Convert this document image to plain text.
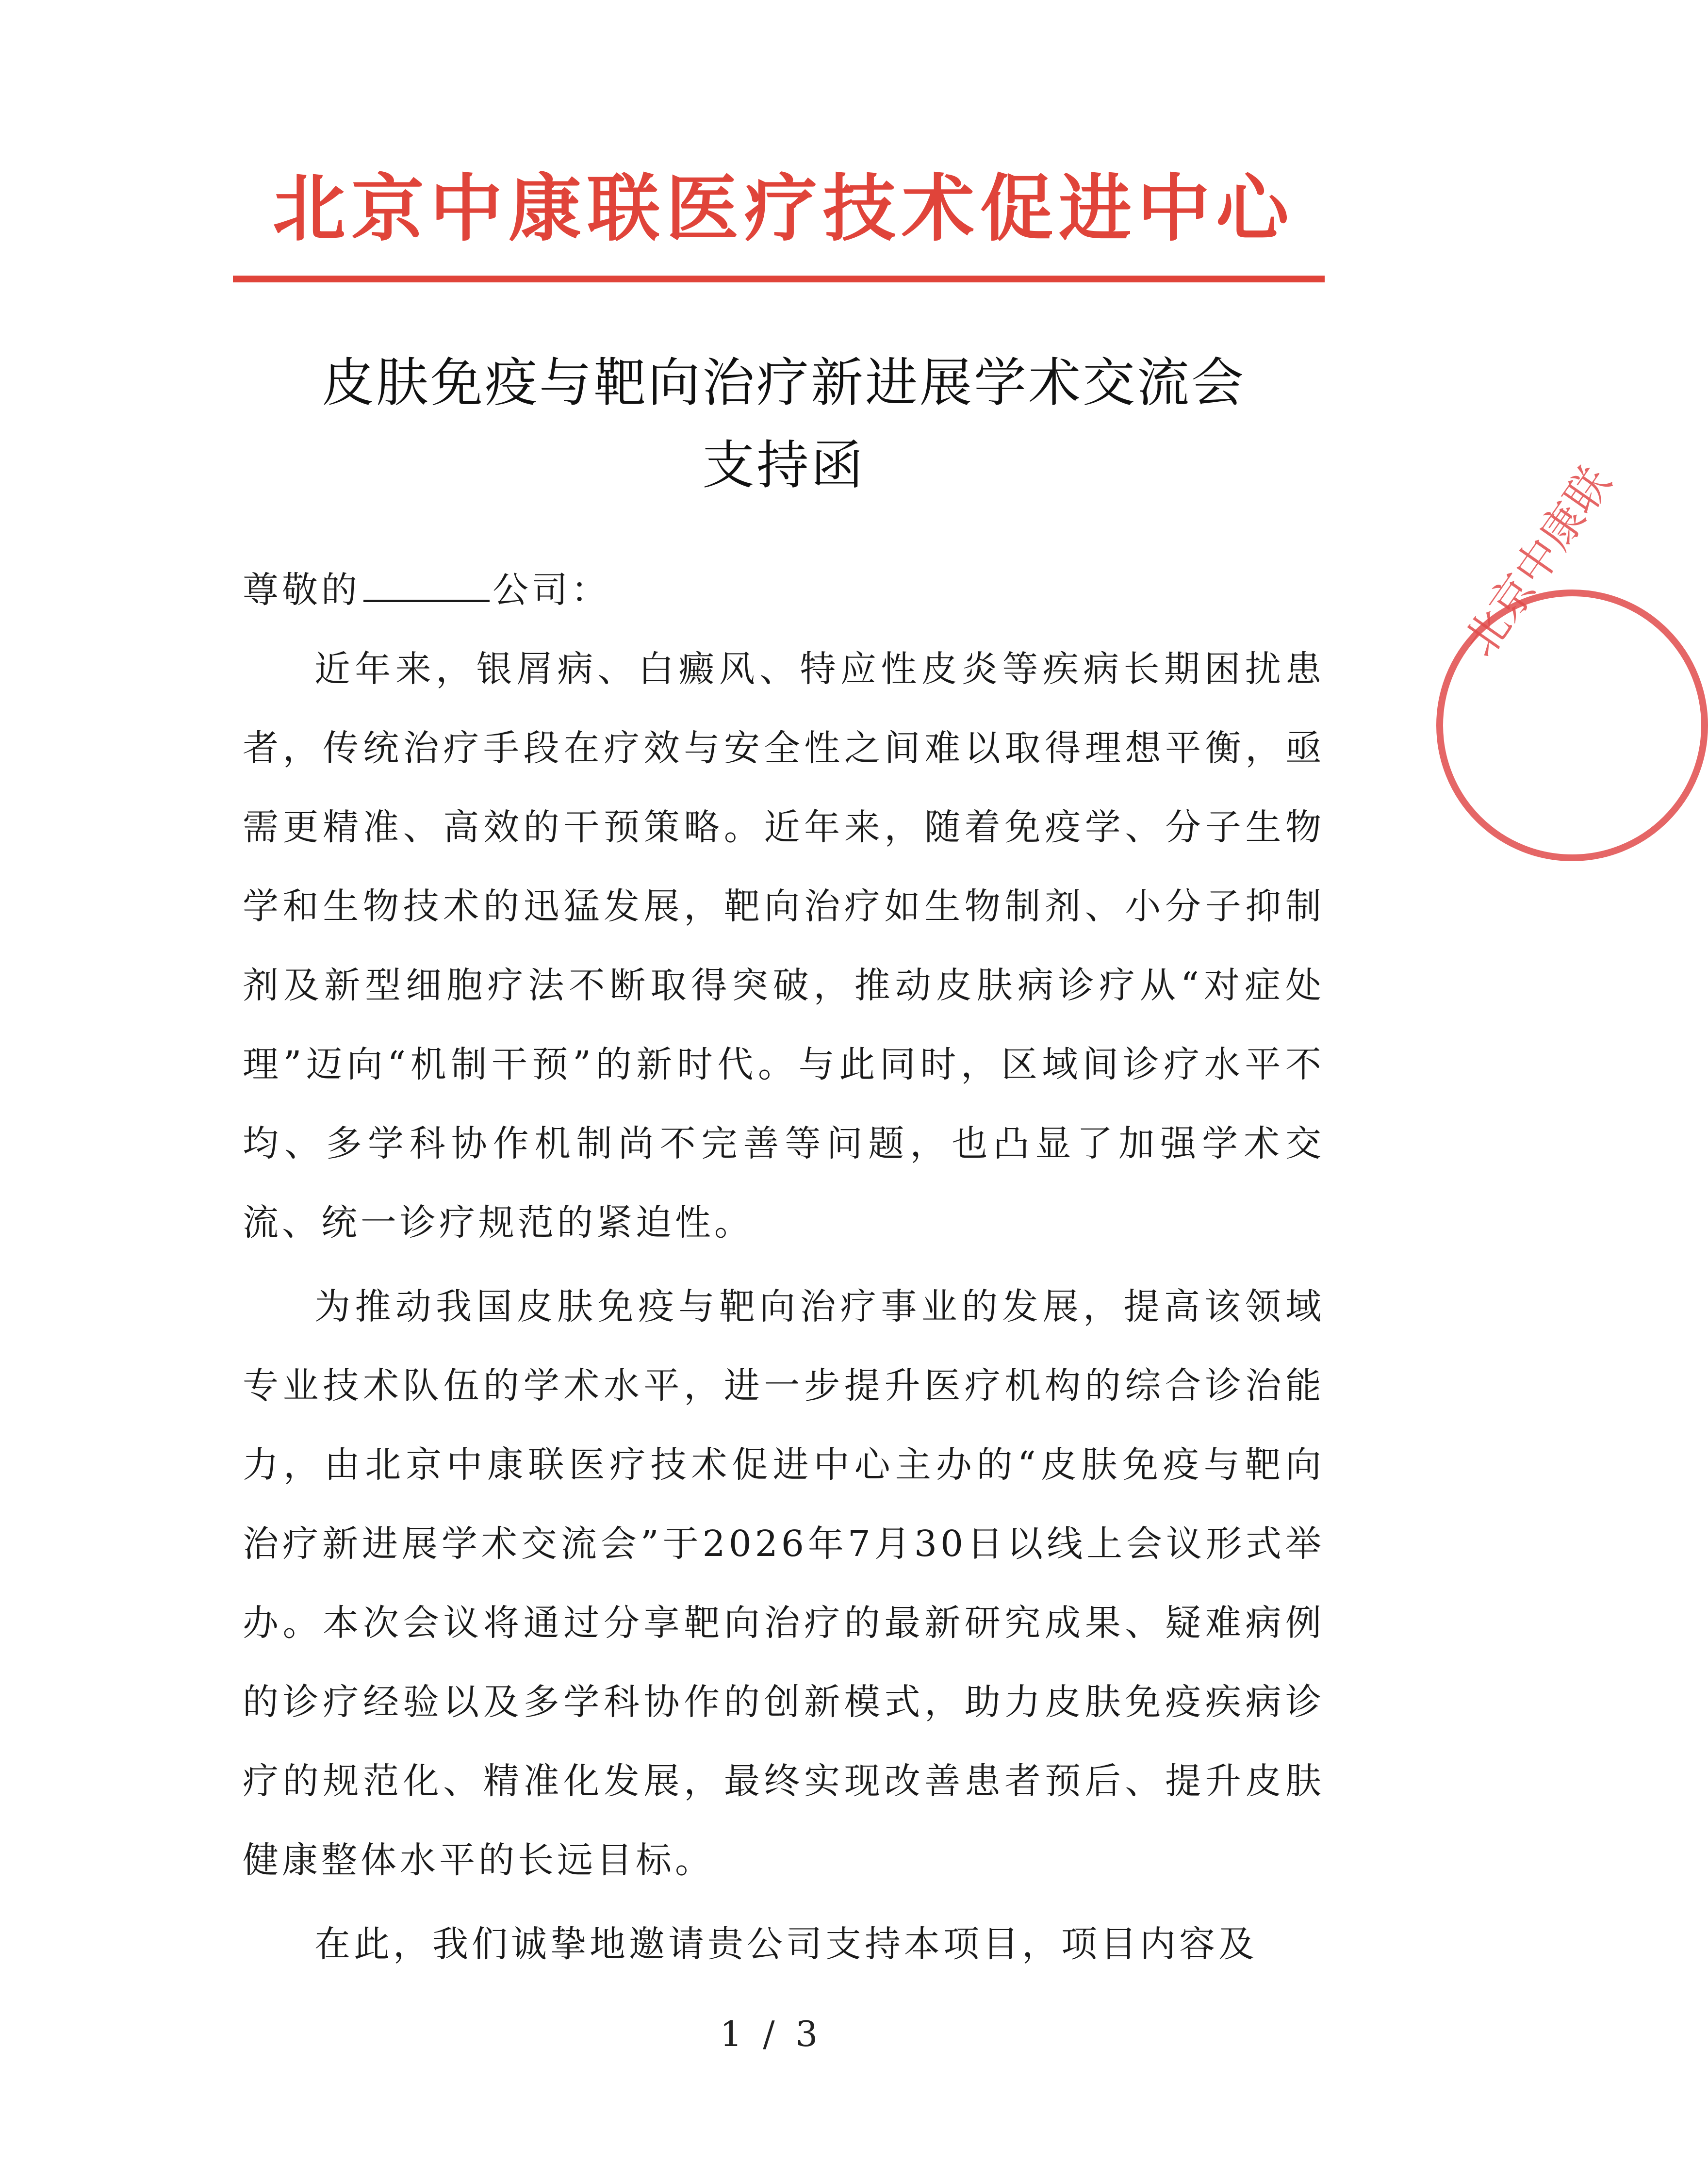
北京中康联医疗技术促进中心
皮肤免疫与靶向治疗新进展学术交流会
支持函

尊敬的	公司：

近年来，银屑病、白癜风、特应性皮炎等疾病长期困扰患者，传统治疗手段在疗效与安全性之间难以取得理想平衡，亟需更精准、高效的干预策略。近年来，随着免疫学、分子生物学和生物技术的迅猛发展，靶向治疗如生物制剂、小分子抑制剂及新型细胞疗法不断取得突破，推动皮肤病诊疗从“对症处理”迈向“机制干预”的新时代。与此同时，区域间诊疗水平不均、多学科协作机制尚不完善等问题，也凸显了加强学术交流、统一诊疗规范的紧迫性。

为推动我国皮肤免疫与靶向治疗事业的发展，提高该领域专业技术队伍的学术水平，进一步提升医疗机构的综合诊治能力，由北京中康联医疗技术促进中心主办的“皮肤免疫与靶向治疗新进展学术交流会”于2026年7月30日以线上会议形式举办。本次会议将通过分享靶向治疗的最新研究成果、疑难病例的诊疗经验以及多学科协作的创新模式，助力皮肤免疫疾病诊疗的规范化、精准化发展，最终实现改善患者预后、提升皮肤健康整体水平的长远目标。

在此，我们诚挚地邀请贵公司支持本项目，项目内容及

北京中康联
1 / 3
